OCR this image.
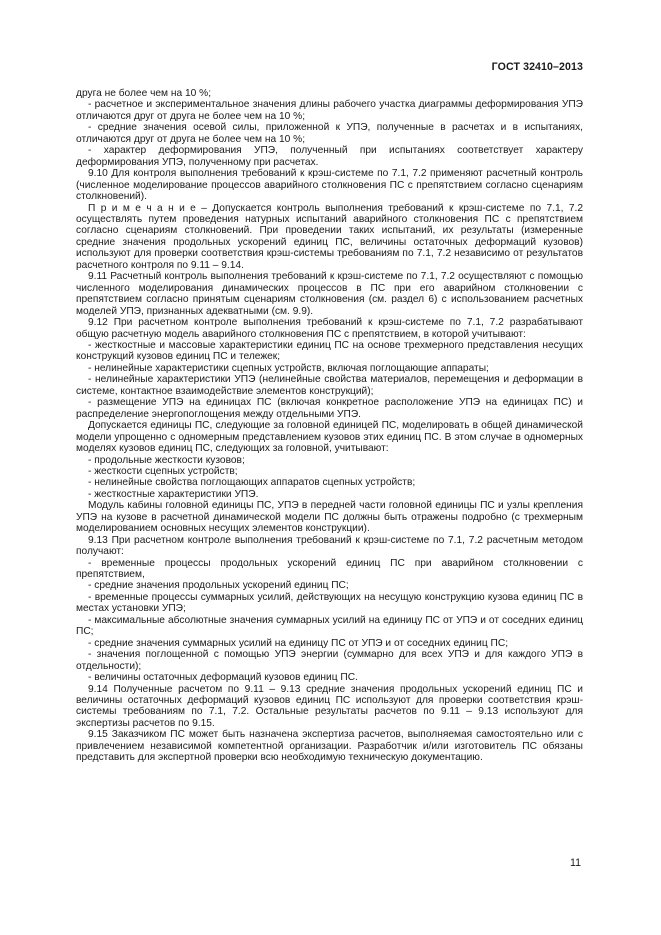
ГОСТ 32410–2013

друга не более чем на 10 %;

- расчетное и экспериментальное значения длины рабочего участка диаграммы деформирования УПЭ отличаются друг от друга не более чем на 10 %;

- средние значения осевой силы, приложенной к УПЭ, полученные в расчетах и в испытаниях, отличаются друг от друга не более чем на 10 %;

- характер деформирования УПЭ, полученный при испытаниях соответствует характеру деформирования УПЭ, полученному при расчетах.

9.10 Для контроля выполнения требований к крэш-системе по 7.1, 7.2 применяют расчетный контроль (численное моделирование процессов аварийного столкновения ПС с препятствием согласно сценариям столкновений).

П р и м е ч а н и е – Допускается контроль выполнения требований к крэш-системе по 7.1, 7.2 осуществлять путем проведения натурных испытаний аварийного столкновения ПС с препятствием согласно сценариям столкновений. При проведении таких испытаний, их результаты (измеренные средние значения продольных ускорений единиц ПС, величины остаточных деформаций кузовов) используют для проверки соответствия крэш-системы требованиям по 7.1, 7.2 независимо от результатов расчетного контроля по 9.11 – 9.14.

9.11 Расчетный контроль выполнения требований к крэш-системе по 7.1, 7.2 осуществляют с помощью численного моделирования динамических процессов в ПС при его аварийном столкновении с препятствием согласно принятым сценариям столкновения (см. раздел 6) с использованием расчетных моделей УПЭ, признанных адекватными (см. 9.9).

9.12 При расчетном контроле выполнения требований к крэш-системе по 7.1, 7.2 разрабатывают общую расчетную модель аварийного столкновения ПС с препятствием, в которой учитывают:

- жесткостные и массовые характеристики единиц ПС на основе трехмерного представления несущих конструкций кузовов единиц ПС и тележек;

- нелинейные характеристики сцепных устройств, включая поглощающие аппараты;

- нелинейные характеристики УПЭ (нелинейные свойства материалов, перемещения и деформации в системе, контактное взаимодействие элементов конструкций);

- размещение УПЭ на единицах ПС (включая конкретное расположение УПЭ на единицах ПС) и распределение энергопоглощения между отдельными УПЭ.

Допускается единицы ПС, следующие за головной единицей ПС, моделировать в общей динамической модели упрощенно с одномерным представлением кузовов этих единиц ПС. В этом случае в одномерных моделях кузовов единиц ПС, следующих за головной, учитывают:

- продольные жесткости кузовов;

- жесткости сцепных устройств;

- нелинейные свойства поглощающих аппаратов сцепных устройств;

- жесткостные характеристики УПЭ.

Модуль кабины головной единицы ПС, УПЭ в передней части головной единицы ПС и узлы крепления УПЭ на кузове в расчетной динамической модели ПС должны быть отражены подробно (с трехмерным моделированием основных несущих элементов конструкции).

9.13 При расчетном контроле выполнения требований к крэш-системе по 7.1, 7.2 расчетным методом получают:

- временные процессы продольных ускорений единиц ПС при аварийном столкновении с препятствием,

- средние значения продольных ускорений единиц ПС;

- временные процессы суммарных усилий, действующих на несущую конструкцию кузова единиц ПС в местах установки УПЭ;

- максимальные абсолютные значения суммарных усилий на единицу ПС от УПЭ и от соседних единиц ПС;

- средние значения суммарных усилий на единицу ПС от УПЭ и от соседних единиц ПС;

- значения поглощенной с помощью УПЭ энергии (суммарно для всех УПЭ и для каждого УПЭ в отдельности);

- величины остаточных деформаций кузовов единиц ПС.

9.14 Полученные расчетом по 9.11 – 9.13 средние значения продольных ускорений единиц ПС и величины остаточных деформаций кузовов единиц ПС используют для проверки соответствия крэш-системы требованиям по 7.1, 7.2. Остальные результаты расчетов по 9.11 – 9.13 используют для экспертизы расчетов по 9.15.

9.15 Заказчиком ПС может быть назначена экспертиза расчетов, выполняемая самостоятельно или с привлечением независимой компетентной организации. Разработчик и/или изготовитель ПС обязаны представить для экспертной проверки всю необходимую техническую документацию.

11
